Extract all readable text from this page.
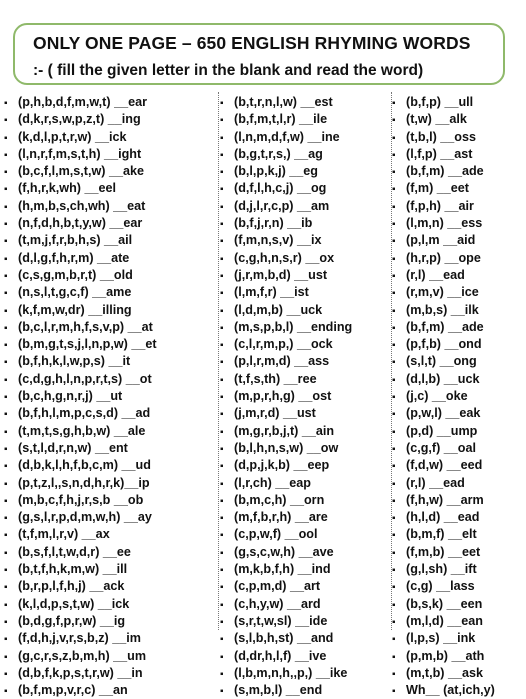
ONLY ONE PAGE – 650 ENGLISH RHYMING WORDS
:- ( fill the given letter in the blank and read the word)
▪ (p,h,b,d,f,m,w,t) __ear
▪ (d,k,r,s,w,p,z,t) __ing
▪ (k,d,l,p,t,r,w) __ick
▪ (l,n,r,f,m,s,t,h) __ight
▪ (b,c,f,l,m,s,t,w) __ake
▪ (f,h,r,k,wh) __eel
▪ (h,m,b,s,ch,wh) __eat
▪ (n,f,d,h,b,t,y,w) __ear
▪ (t,m,j,f,r,b,h,s) __ail
▪ (d,l,g,f,h,r,m) __ate
▪ (c,s,g,m,b,r,t) __old
▪ (n,s,l,t,g,c,f) __ame
▪ (k,f,m,w,dr) __illing
▪ (b,c,l,r,m,h,f,s,v,p) __at
▪ (b,m,g,t,s,j,l,n,p,w) __et
▪ (b,f,h,k,l,w,p,s) __it
▪ (c,d,g,h,l,n,p,r,t,s) __ot
▪ (b,c,h,g,n,r,j) __ut
▪ (b,f,h,l,m,p,c,s,d) __ad
▪ (t,m,t,s,g,h,b,w) __ale
▪ (s,t,l,d,r,n,w) __ent
▪ (d,b,k,l,h,f,b,c,m) __ud
▪ (p,t,z,l,,s,n,d,h,r,k)__ip
▪ (m,b,c,f,h,j,r,s,b __ob
▪ (g,s,l,r,p,d,m,w,h) __ay
▪ (t,f,m,l,r,v) __ax
▪ (b,s,f,l,t,w,d,r) __ee
▪ (b,t,f,h,k,m,w) __ill
▪ (b,r,p,l,f,h,j) __ack
▪ (k,l,d,p,s,t,w) __ick
▪ (b,d,g,f,p,r,w) __ig
▪ (f,d,h,j,v,r,s,b,z) __im
▪ (g,c,r,s,z,b,m,h) __um
▪ (d,b,f,k,p,s,t,r,w) __in
▪ (b,f,m,p,v,r,c) __an
▪ (b,t,r,n,l,w) __est
▪ (b,f,m,t,l,r) __ile
▪ (l,n,m,d,f,w) __ine
▪ (b,g,t,r,s,) __ag
▪ (b,l,p,k,j) __eg
▪ (d,f,l,h,c,j) __og
▪ (d,j,l,r,c,p) __am
▪ (b,f,j,r,n) __ib
▪ (f,m,n,s,v) __ix
▪ (c,g,h,n,s,r) __ox
▪ (j,r,m,b,d) __ust
▪ (l,m,f,r) __ist
▪ (l,d,m,b) __uck
▪ (m,s,p,b,l) __ending
▪ (c,l,r,m,p,) __ock
▪ (p,l,r,m,d) __ass
▪ (t,f,s,th) __ree
▪ (m,p,r,h,g) __ost
▪ (j,m,r,d) __ust
▪ (m,g,r,b,j,t) __ain
▪ (b,l,h,n,s,w) __ow
▪ (d,p,j,k,b) __eep
▪ (l,r,ch) __eap
▪ (b,m,c,h) __orn
▪ (m,f,b,r,h) __are
▪ (c,p,w,f) __ool
▪ (g,s,c,w,h) __ave
▪ (m,k,b,f,h) __ind
▪ (c,p,m,d) __art
▪ (c,h,y,w) __ard
▪ (s,r,t,w,sl) __ide
▪ (s,l,b,h,st) __and
▪ (d,dr,h,l,f) __ive
▪ (l,b,m,n,h,,p,) __ike
▪ (s,m,b,l) __end
▪ (b,f,p) __ull
▪ (t,w) __alk
▪ (t,b,l) __oss
▪ (l,f,p) __ast
▪ (b,f,m) __ade
▪ (f,m) __eet
▪ (f,p,h) __air
▪ (l,m,n) __ess
▪ (p,l,m __aid
▪ (h,r,p) __ope
▪ (r,l) __ead
▪ (r,m,v) __ice
▪ (m,b,s) __ilk
▪ (b,f,m) __ade
▪ (p,f,b) __ond
▪ (s,l,t) __ong
▪ (d,l,b) __uck
▪ (j,c) __oke
▪ (p,w,l) __eak
▪ (p,d) __ump
▪ (c,g,f) __oal
▪ (f,d,w) __eed
▪ (r,l) __ead
▪ (f,h,w) __arm
▪ (h,l,d) __ead
▪ (b,m,f) __elt
▪ (f,m,b) __eet
▪ (g,l,sh) __ift
▪ (c,g) __lass
▪ (b,s,k) __een
▪ (m,l,d) __ean
▪ (l,p,s) __ink
▪ (p,m,b) __ath
▪ (m,t,b) __ask
▪ Wh__ (at,ich,y)
